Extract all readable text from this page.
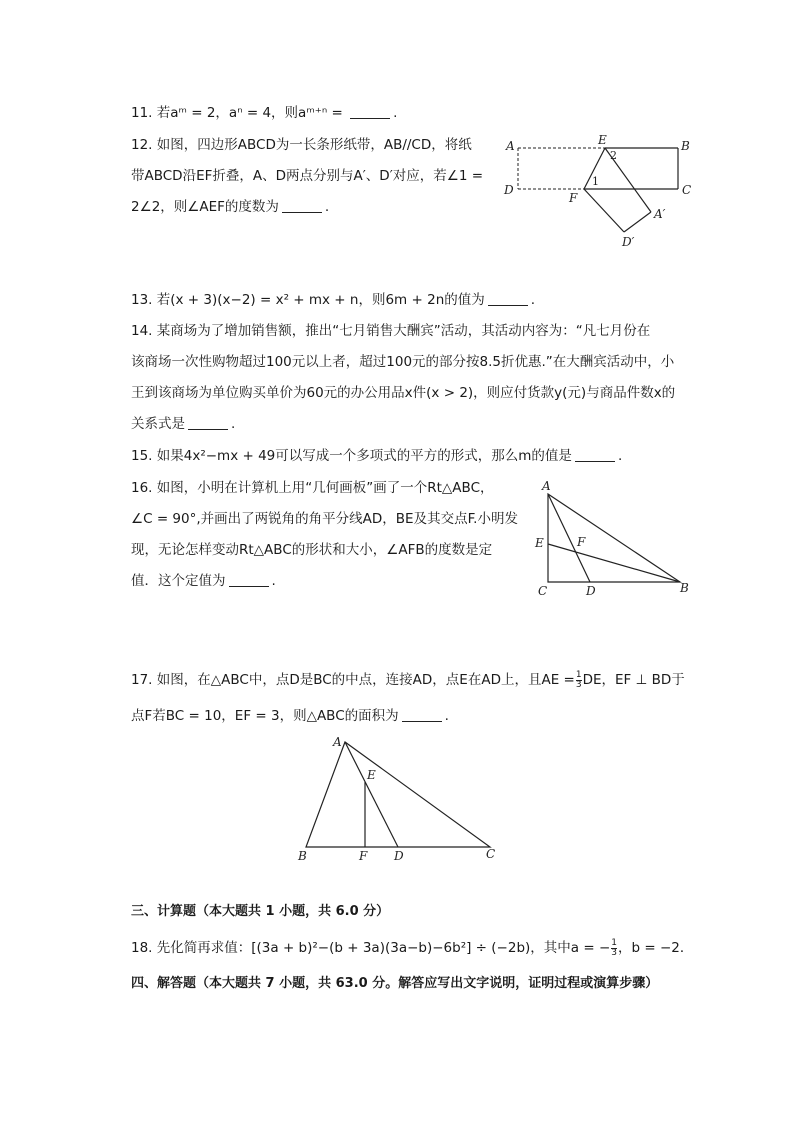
11. 若aᵐ = 2，aⁿ = 4，则aᵐ⁺ⁿ =	.
12. 如图，四边形ABCD为一长条形纸带，AB//CD，将纸
带ABCD沿EF折叠，A、D两点分别与A′、D′对应，若∠1 =
2∠2，则∠AEF的度数为	.
A	E	B
D	C
F
A′
D′
1
2
13. 若(x + 3)(x−2) = x² + mx + n，则6m + 2n的值为	.
14. 某商场为了增加销售额，推出“七月销售大酬宾”活动，其活动内容为：“凡七月份在
该商场一次性购物超过100元以上者，超过100元的部分按8.5折优惠.”在大酬宾活动中，小
王到该商场为单位购买单价为60元的办公用品x件(x > 2)，则应付货款y(元)与商品件数x的
关系式是	.
15. 如果4x²−mx + 49可以写成一个多项式的平方的形式，那么m的值是	.
16. 如图，小明在计算机上用“几何画板”画了一个Rt△ABC，
∠C = 90°,并画出了两锐角的角平分线AD，BE及其交点F.小明发
现，无论怎样变动Rt△ABC的形状和大小，∠AFB的度数是定
值．这个定值为	.
A
E	F
C	D	B
17. 如图，在△ABC中，点D是BC的中点，连接AD，点E在AD上，且AE = $\frac{1}{3}$ DE，EF ⊥ BD于
点F若BC = 10，EF = 3，则△ABC的面积为	.
A
E
B	F D	C
三、计算题（本大题共 1 小题，共 6.0 分）
18. 先化简再求值：[(3a + b)²−(b + 3a)(3a−b)−6b²] ÷ (−2b)，其中a = − $\frac{1}{3}$ ，b = −2．
四、解答题（本大题共 7 小题，共 63.0 分。解答应写出文字说明，证明过程或演算步骤）
